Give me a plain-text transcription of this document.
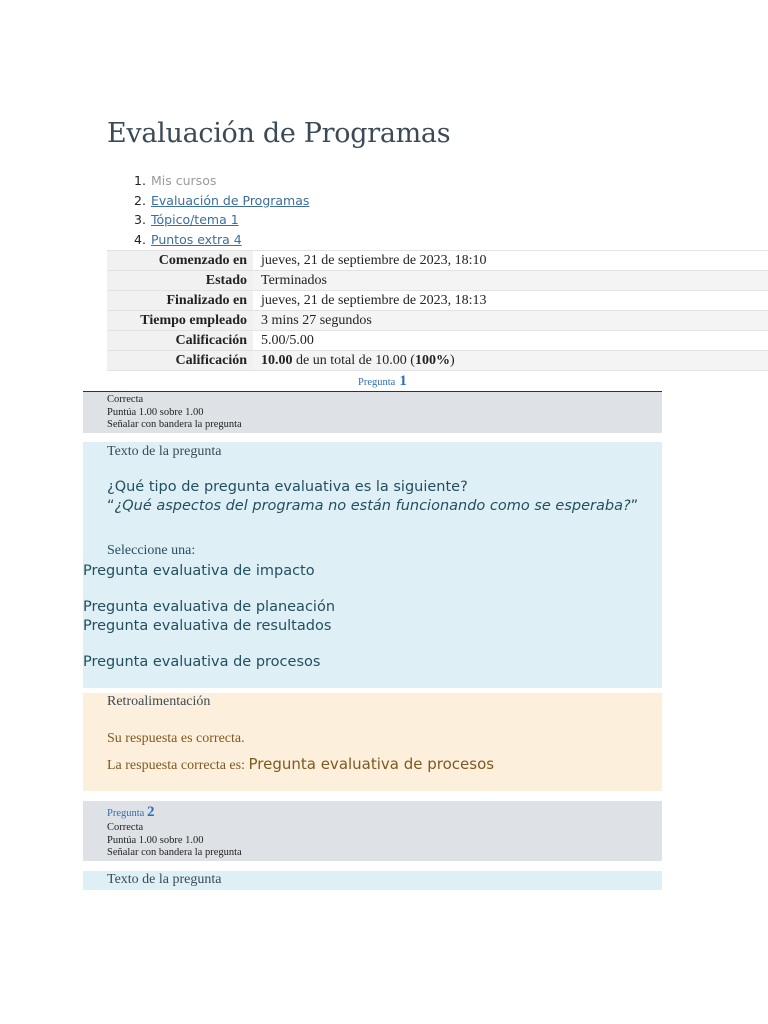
Evaluación de Programas
1. Mis cursos
2. Evaluación de Programas
3. Tópico/tema 1
4. Puntos extra 4
Comenzado en	jueves, 21 de septiembre de 2023, 18:10
Estado	Terminados
Finalizado en	jueves, 21 de septiembre de 2023, 18:13
Tiempo empleado	3 mins 27 segundos
Calificación	5.00/5.00
Calificación	10.00 de un total de 10.00 (100%)
Pregunta 1
Correcta
Puntúa 1.00 sobre 1.00
Señalar con bandera la pregunta
Texto de la pregunta
¿Qué tipo de pregunta evaluativa es la siguiente?
“¿Qué aspectos del programa no están funcionando como se esperaba?”
Seleccione una:
Pregunta evaluativa de impacto
Pregunta evaluativa de planeación
Pregunta evaluativa de resultados
Pregunta evaluativa de procesos
Retroalimentación
Su respuesta es correcta.
La respuesta correcta es: Pregunta evaluativa de procesos
Pregunta 2
Correcta
Puntúa 1.00 sobre 1.00
Señalar con bandera la pregunta
Texto de la pregunta
